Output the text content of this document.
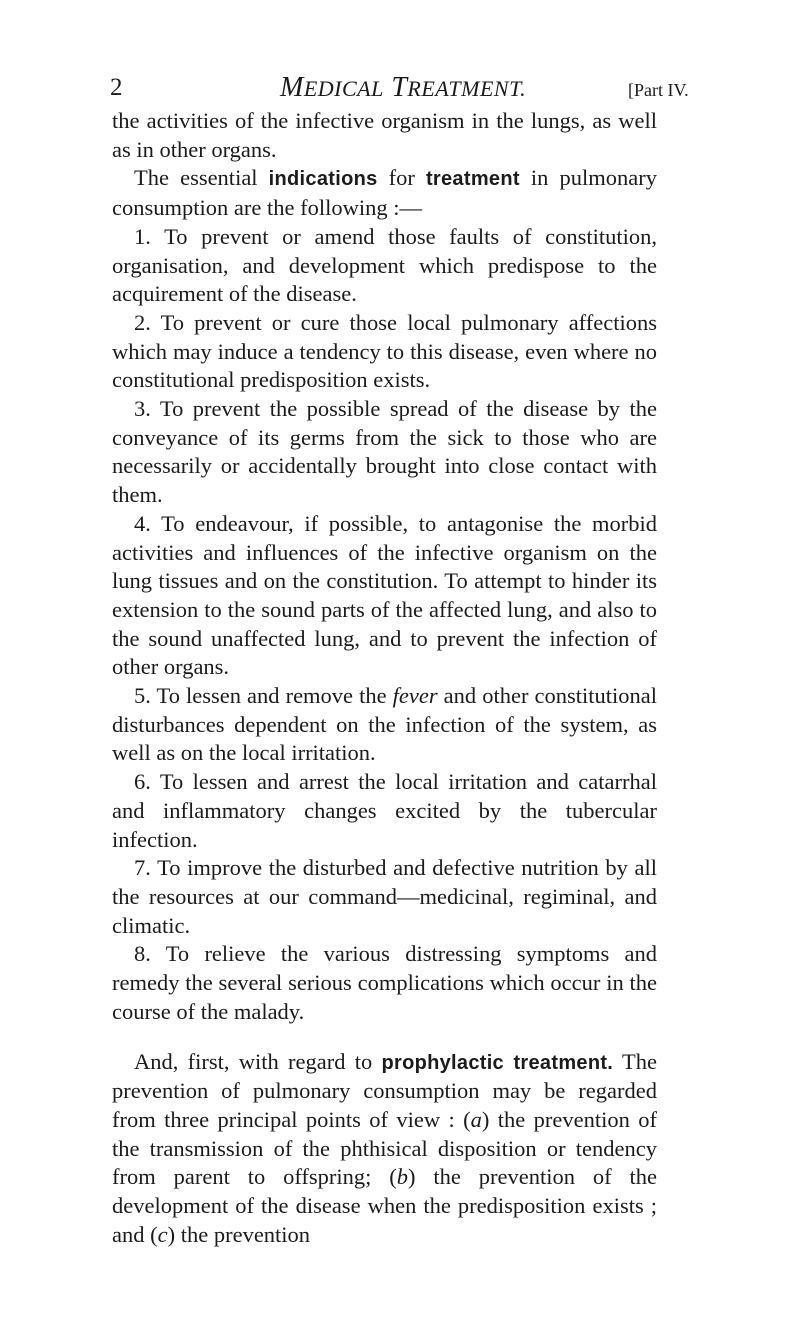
2	MEDICAL TREATMENT.	[Part IV.

the activities of the infective organism in the lungs, as well as in other organs.

The essential indications for treatment in pulmonary consumption are the following :—

1. To prevent or amend those faults of constitution, organisation, and development which predispose to the acquirement of the disease.

2. To prevent or cure those local pulmonary affections which may induce a tendency to this disease, even where no constitutional predisposition exists.

3. To prevent the possible spread of the disease by the conveyance of its germs from the sick to those who are necessarily or accidentally brought into close contact with them.

4. To endeavour, if possible, to antagonise the morbid activities and influences of the infective organism on the lung tissues and on the constitution. To attempt to hinder its extension to the sound parts of the affected lung, and also to the sound unaffected lung, and to prevent the infection of other organs.

5. To lessen and remove the fever and other constitutional disturbances dependent on the infection of the system, as well as on the local irritation.

6. To lessen and arrest the local irritation and catarrhal and inflammatory changes excited by the tubercular infection.

7. To improve the disturbed and defective nutrition by all the resources at our command—medicinal, regiminal, and climatic.

8. To relieve the various distressing symptoms and remedy the several serious complications which occur in the course of the malady.

And, first, with regard to prophylactic treatment. The prevention of pulmonary consumption may be regarded from three principal points of view : (a) the prevention of the transmission of the phthisical disposition or tendency from parent to offspring; (b) the prevention of the development of the disease when the predisposition exists ; and (c) the prevention
